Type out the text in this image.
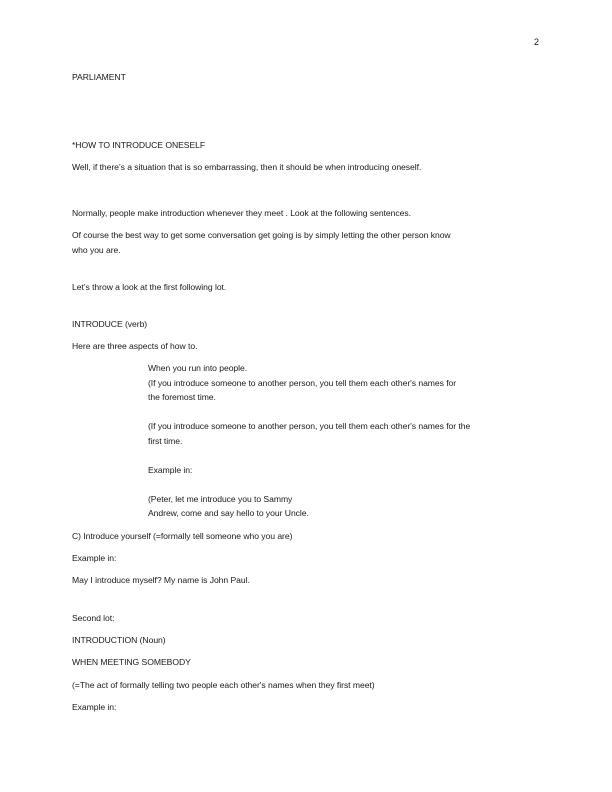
2
PARLIAMENT
*HOW TO INTRODUCE ONESELF
Well, if there’s a situation that is so embarrassing, then it should be when introducing oneself.
Normally, people make introduction whenever they meet . Look at the following sentences.
Of course the best way to get some conversation get going is by simply letting the other person know
who you are.
Let’s throw a look at the first following lot.
INTRODUCE (verb)
Here are three aspects of how to.
When you run into people.
(If you introduce someone to another person, you tell them each other's names for
the foremost time.
(If you introduce someone to another person, you tell them each other's names for the
first time.
Example in:
(Peter, let me introduce you to Sammy
Andrew, come and say hello to your Uncle.
C) Introduce yourself (=formally tell someone who you are)
Example in:
May I introduce myself? My name is John Paul.
Second lot:
INTRODUCTION (Noun)
WHEN MEETING SOMEBODY
(=The act of formally telling two people each other's names when they first meet)
Example in:
